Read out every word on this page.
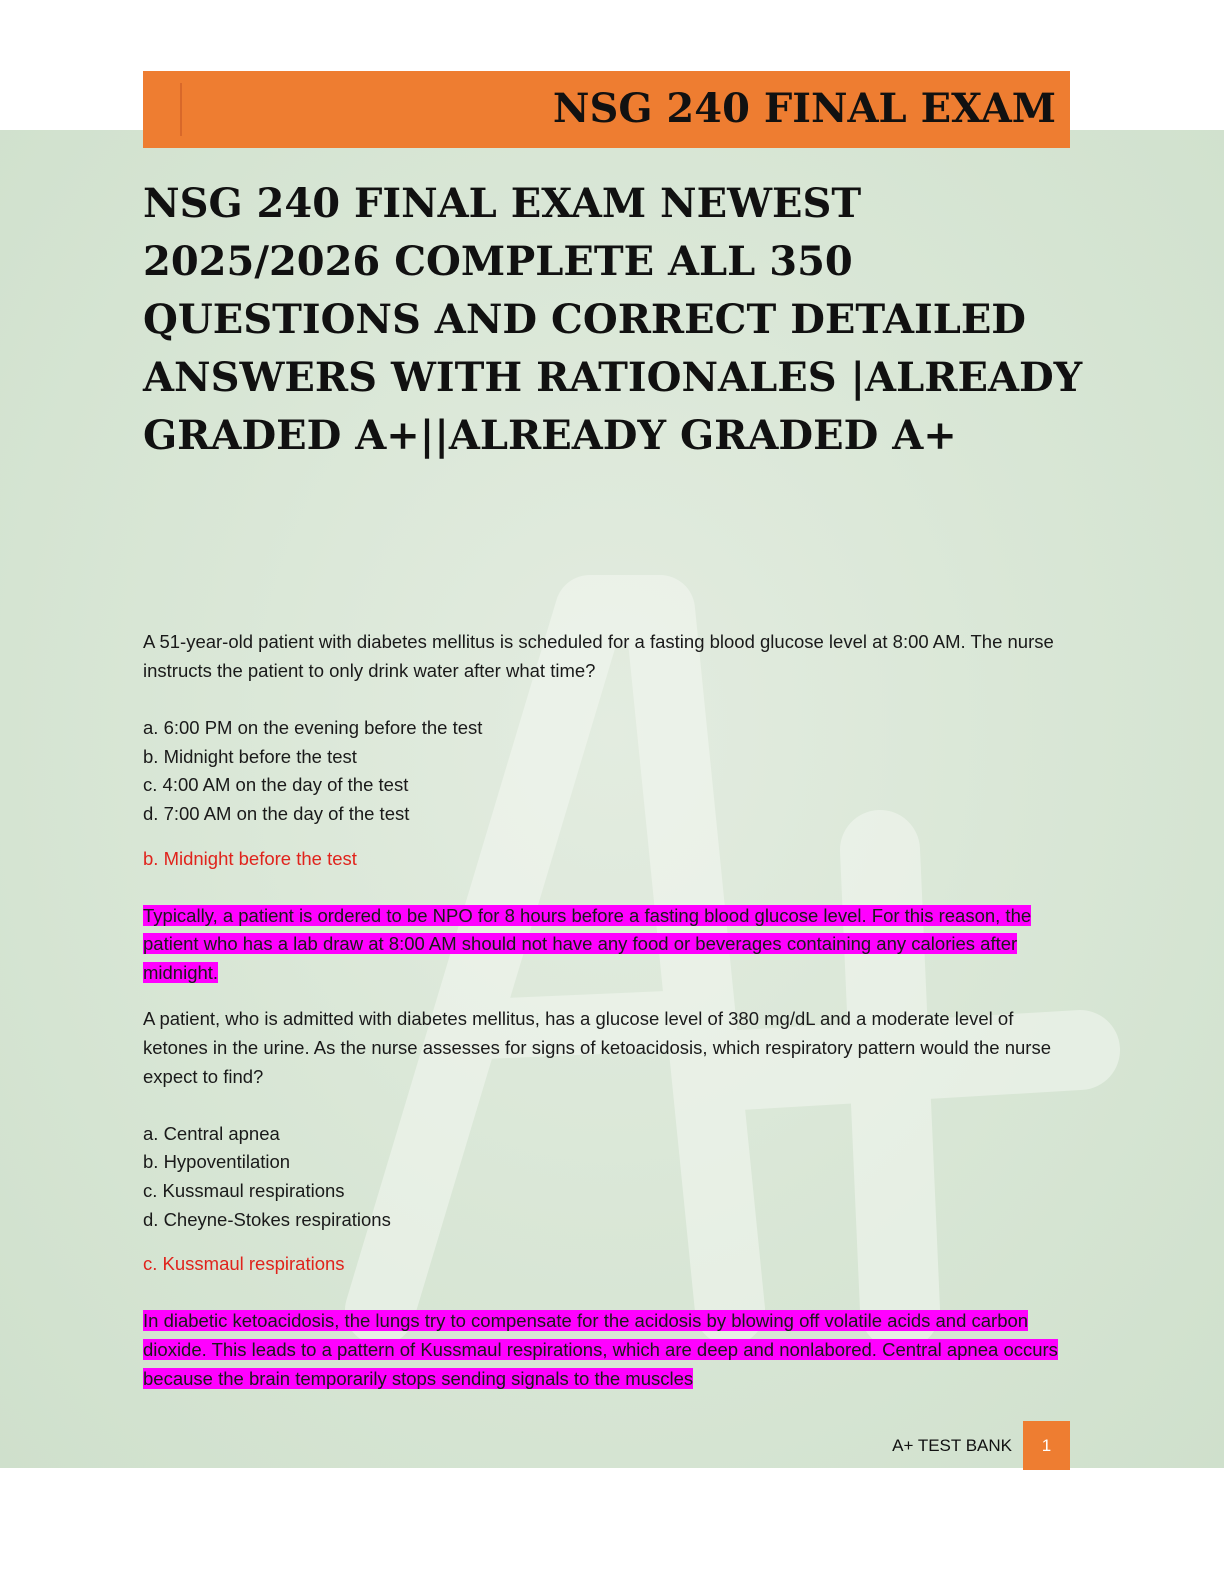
NSG 240 FINAL EXAM
NSG 240 FINAL EXAM NEWEST 2025/2026 COMPLETE ALL 350 QUESTIONS AND CORRECT DETAILED ANSWERS WITH RATIONALES |ALREADY GRADED A+||ALREADY GRADED A+

A 51-year-old patient with diabetes mellitus is scheduled for a fasting blood glucose level at 8:00 AM. The nurse instructs the patient to only drink water after what time?

a. 6:00 PM on the evening before the test
b. Midnight before the test
c. 4:00 AM on the day of the test
d. 7:00 AM on the day of the test

b. Midnight before the test

Typically, a patient is ordered to be NPO for 8 hours before a fasting blood glucose level. For this reason, the patient who has a lab draw at 8:00 AM should not have any food or beverages containing any calories after midnight.

A patient, who is admitted with diabetes mellitus, has a glucose level of 380 mg/dL and a moderate level of ketones in the urine. As the nurse assesses for signs of ketoacidosis, which respiratory pattern would the nurse expect to find?

a. Central apnea
b. Hypoventilation
c. Kussmaul respirations
d. Cheyne-Stokes respirations

c. Kussmaul respirations

In diabetic ketoacidosis, the lungs try to compensate for the acidosis by blowing off volatile acids and carbon dioxide. This leads to a pattern of Kussmaul respirations, which are deep and nonlabored. Central apnea occurs because the brain temporarily stops sending signals to the muscles

A+ TEST BANK	1
